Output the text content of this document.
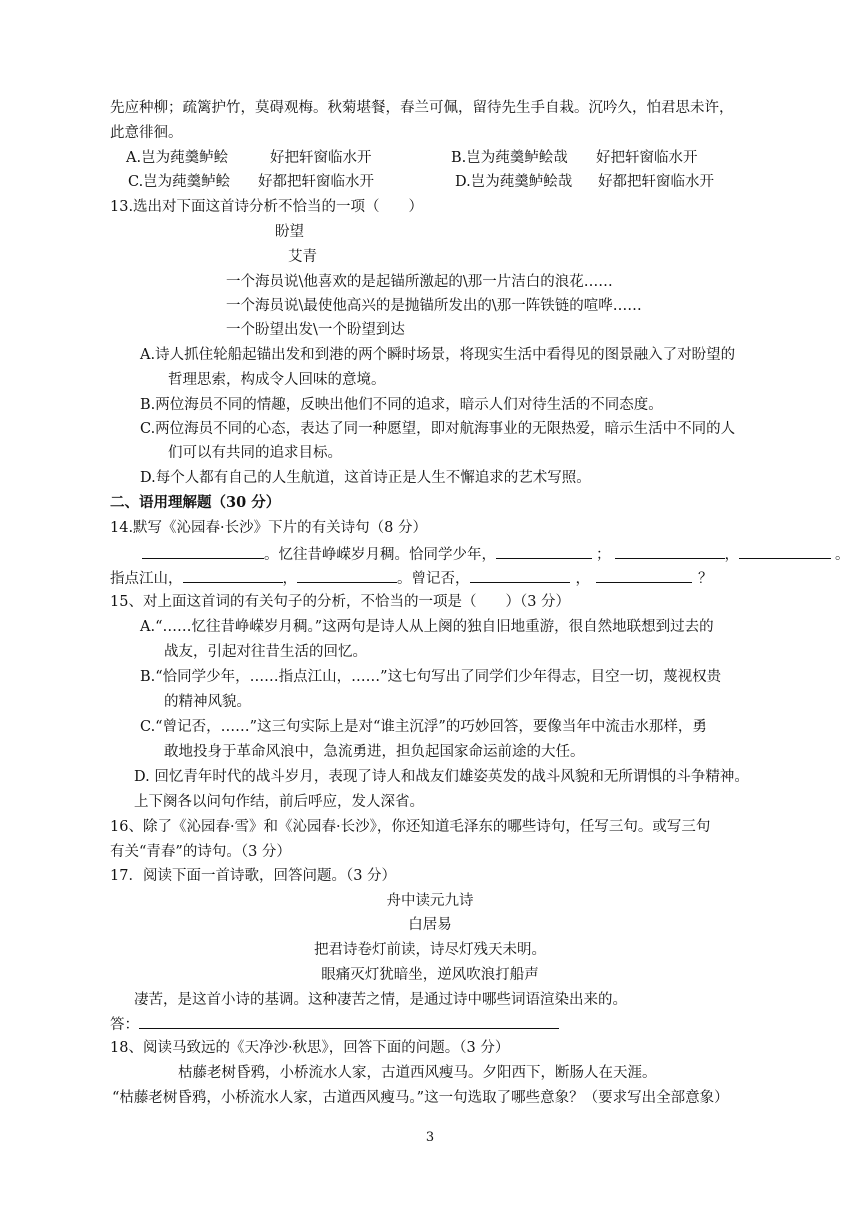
先应种柳；疏篱护竹，莫碍观梅。秋菊堪餐，春兰可佩，留待先生手自栽。沉吟久，怕君思未许，
此意徘徊。
A.岂为莼羹鲈鲙	好把轩窗临水开	B.岂为莼羹鲈鲙哉 好把轩窗临水开
C.岂为莼羹鲈鲙 好都把轩窗临水开	D.岂为莼羹鲈鲙哉 好都把轩窗临水开
13.选出对下面这首诗分析不恰当的一项（　　）
盼望
艾青
一个海员说\他喜欢的是起锚所激起的\那一片洁白的浪花……
一个海员说\最使他高兴的是抛锚所发出的\那一阵铁链的喧哗……
一个盼望出发\一个盼望到达
A.诗人抓住轮船起锚出发和到港的两个瞬时场景，将现实生活中看得见的图景融入了对盼望的
哲理思索，构成令人回味的意境。
B.两位海员不同的情趣，反映出他们不同的追求，暗示人们对待生活的不同态度。
C.两位海员不同的心态，表达了同一种愿望，即对航海事业的无限热爱，暗示生活中不同的人
们可以有共同的追求目标。
D.每个人都有自己的人生航道，这首诗正是人生不懈追求的艺术写照。
二、语用理解题（30 分）
14.默写《沁园春·长沙》下片的有关诗句（8 分）
。忆往昔峥嵘岁月稠。恰同学少年，	；	，	。
指点江山，	，	。曾记否，	，	？
15、对上面这首词的有关句子的分析，不恰当的一项是（　　）（3 分）
A.“……忆往昔峥嵘岁月稠。”这两句是诗人从上阕的独自旧地重游，很自然地联想到过去的
战友，引起对往昔生活的回忆。
B.“恰同学少年，……指点江山，……”这七句写出了同学们少年得志，目空一切，蔑视权贵
的精神风貌。
C.“曾记否，……”这三句实际上是对“谁主沉浮”的巧妙回答，要像当年中流击水那样，勇
敢地投身于革命风浪中，急流勇进，担负起国家命运前途的大任。
D. 回忆青年时代的战斗岁月，表现了诗人和战友们雄姿英发的战斗风貌和无所谓惧的斗争精神。
上下阕各以问句作结，前后呼应，发人深省。
16、除了《沁园春·雪》和《沁园春·长沙》，你还知道毛泽东的哪些诗句，任写三句。或写三句
有关“青春”的诗句。（3 分）
17．阅读下面一首诗歌，回答问题。（3 分）
舟中读元九诗
白居易
把君诗卷灯前读，诗尽灯残天未明。
眼痛灭灯犹暗坐，逆风吹浪打船声
凄苦，是这首小诗的基调。这种凄苦之情，是通过诗中哪些词语渲染出来的。
答：
18、阅读马致远的《天净沙·秋思》，回答下面的问题。（3 分）
枯藤老树昏鸦，小桥流水人家，古道西风瘦马。夕阳西下，断肠人在天涯。
“枯藤老树昏鸦，小桥流水人家，古道西风瘦马。”这一句选取了哪些意象？（要求写出全部意象）
3
